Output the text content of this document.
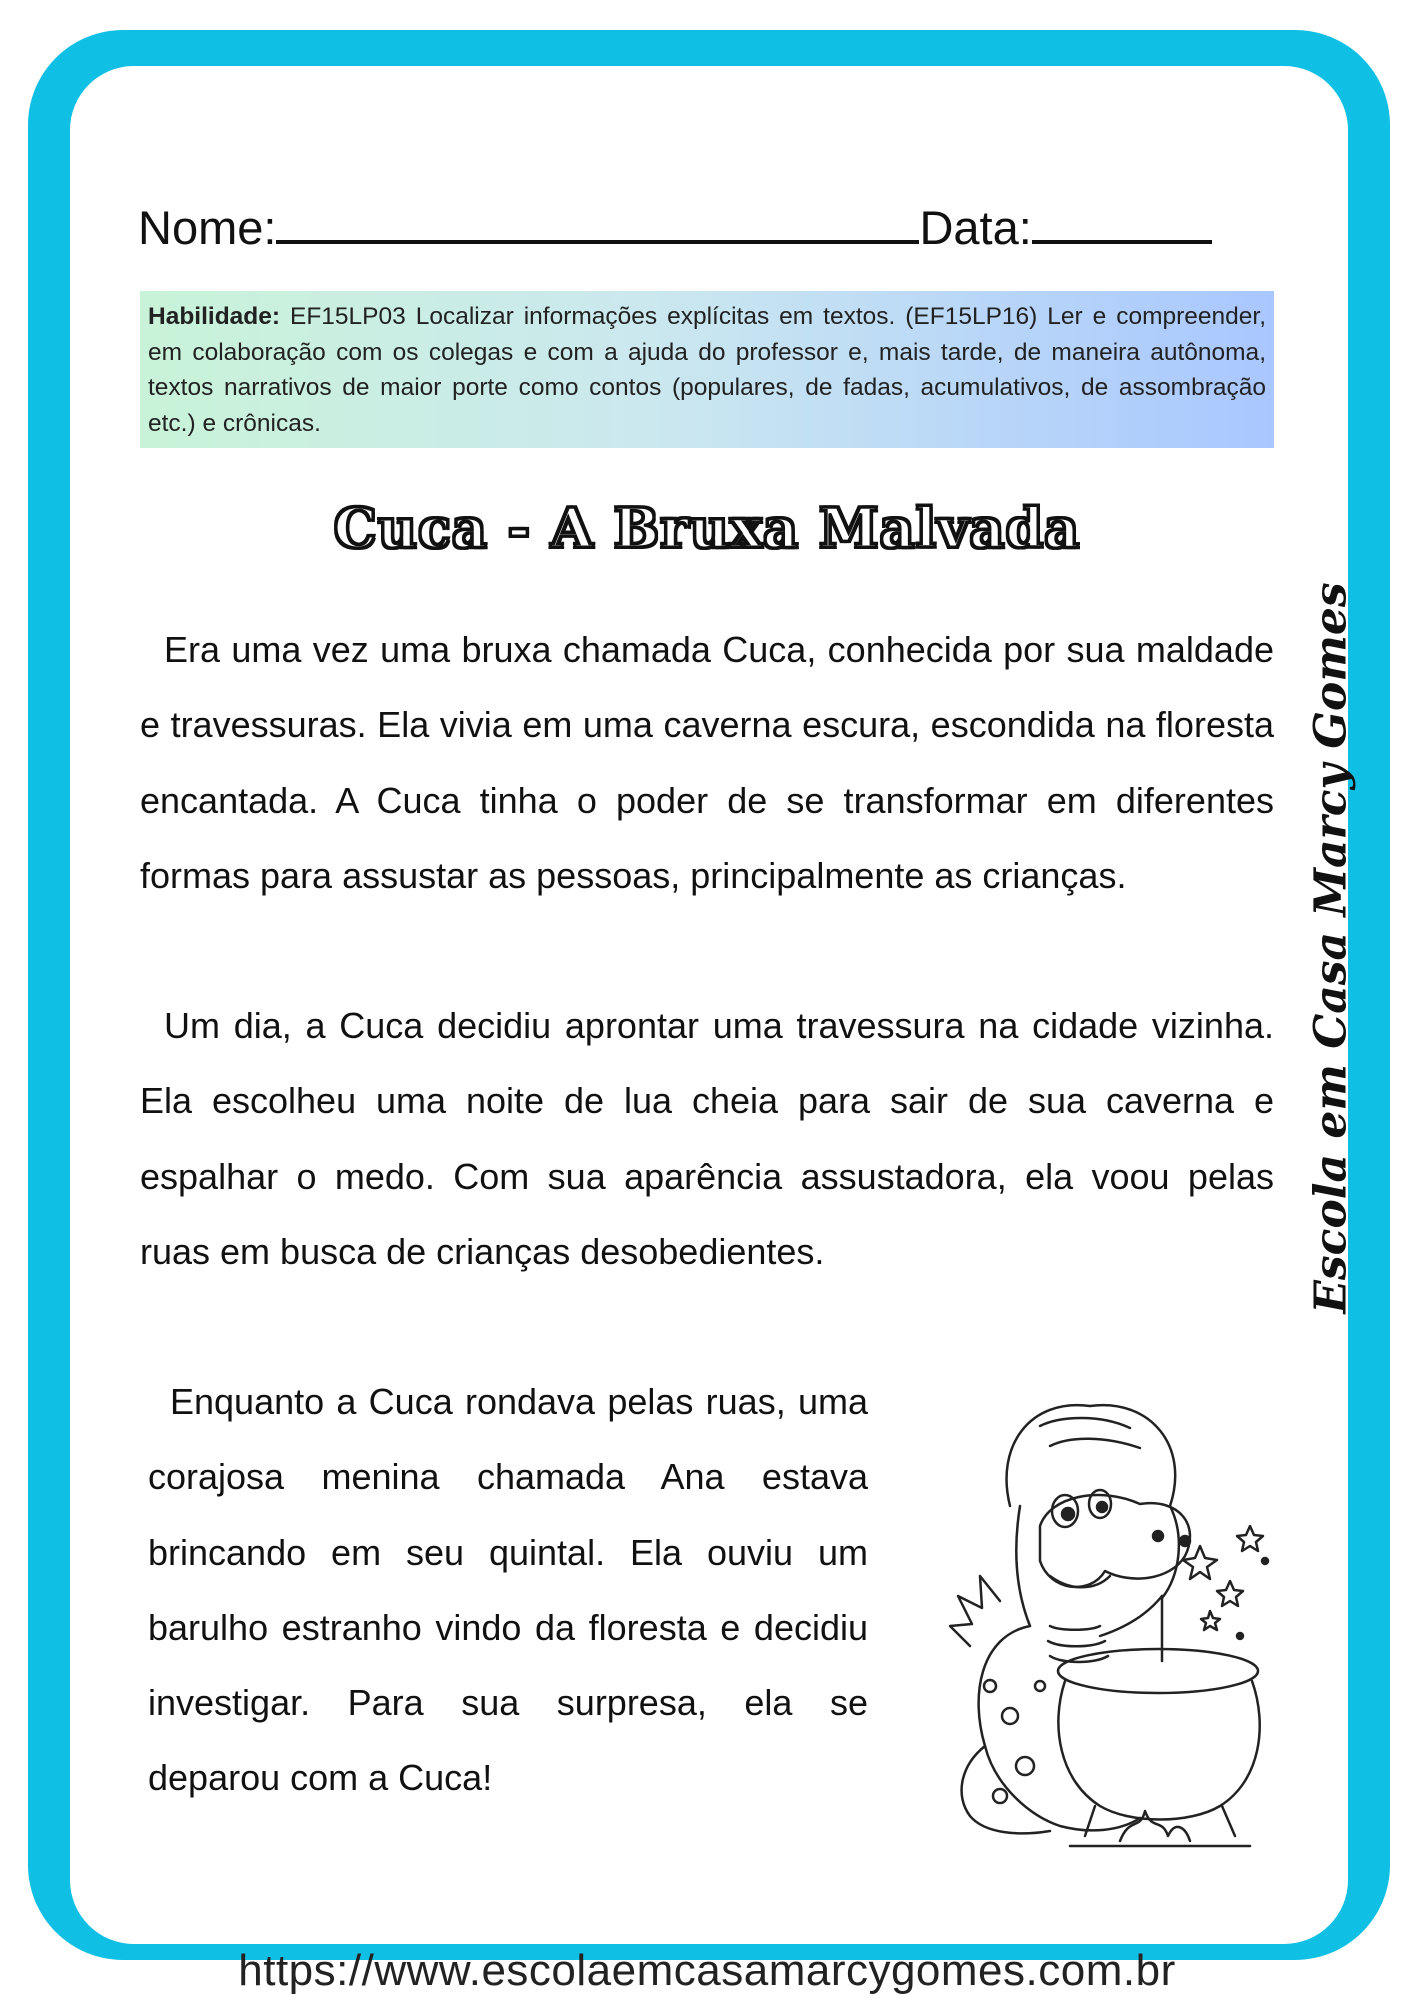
Nome:	Data:
Habilidade: EF15LP03 Localizar informações explícitas em textos. (EF15LP16) Ler e compreender, em colaboração com os colegas e com a ajuda do professor e, mais tarde, de maneira autônoma, textos narrativos de maior porte como contos (populares, de fadas, acumulativos, de assombração etc.) e crônicas.
Cuca - A Bruxa Malvada

Era uma vez uma bruxa chamada Cuca, conhecida por sua maldade e travessuras. Ela vivia em uma caverna escura, escondida na floresta encantada. A Cuca tinha o poder de se transformar em diferentes formas para assustar as pessoas, principalmente as crianças.

Um dia, a Cuca decidiu aprontar uma travessura na cidade vizinha. Ela escolheu uma noite de lua cheia para sair de sua caverna e espalhar o medo. Com sua aparência assustadora, ela voou pelas ruas em busca de crianças desobedientes.

Enquanto a Cuca rondava pelas ruas, uma corajosa menina chamada Ana estava brincando em seu quintal. Ela ouviu um barulho estranho vindo da floresta e decidiu investigar. Para sua surpresa, ela se deparou com a Cuca!

Escola em Casa Marcy Gomes
https://www.escolaemcasamarcygomes.com.br
